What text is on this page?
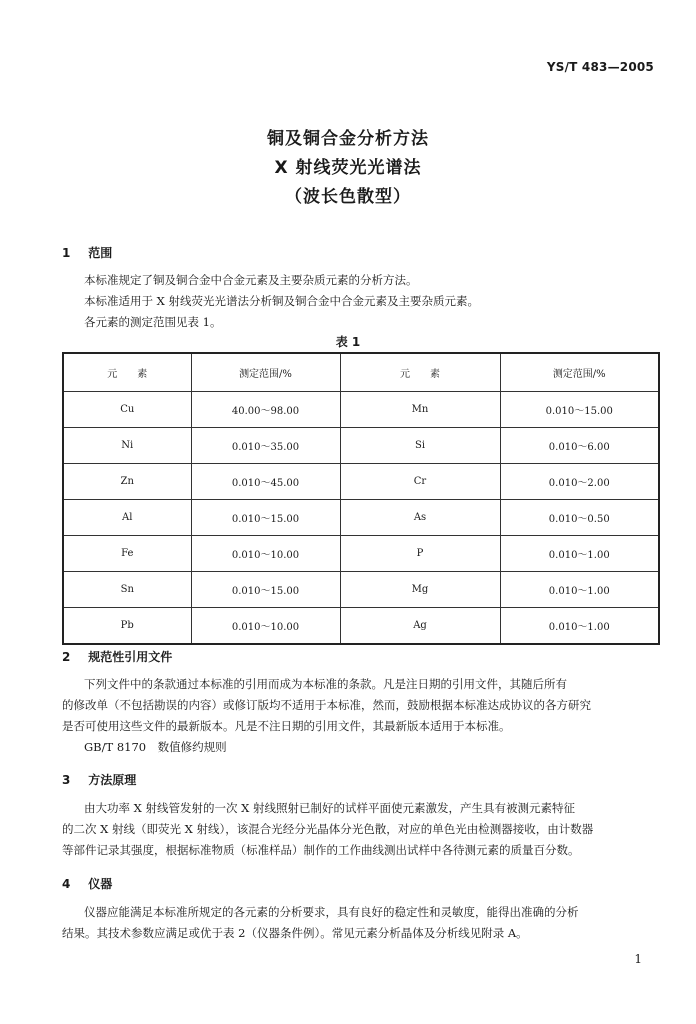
YS/T 483—2005
铜及铜合金分析方法
X 射线荧光光谱法
（波长色散型）
1 范围
本标准规定了铜及铜合金中合金元素及主要杂质元素的分析方法。
本标准适用于 X 射线荧光光谱法分析铜及铜合金中合金元素及主要杂质元素。
各元素的测定范围见表 1。
表 1
元　　素	测定范围/%	元　　素	测定范围/%
Cu	40.00～98.00	Mn	0.010～15.00
Ni	0.010～35.00	Si	0.010～6.00
Zn	0.010～45.00	Cr	0.010～2.00
Al	0.010～15.00	As	0.010～0.50
Fe	0.010～10.00	P	0.010～1.00
Sn	0.010～15.00	Mg	0.010～1.00
Pb	0.010～10.00	Ag	0.010～1.00
2 规范性引用文件
下列文件中的条款通过本标准的引用而成为本标准的条款。凡是注日期的引用文件，其随后所有
的修改单（不包括勘误的内容）或修订版均不适用于本标准，然而，鼓励根据本标准达成协议的各方研究
是否可使用这些文件的最新版本。凡是不注日期的引用文件，其最新版本适用于本标准。
GB/T 8170　数值修约规则
3 方法原理
由大功率 X 射线管发射的一次 X 射线照射已制好的试样平面使元素激发，产生具有被测元素特征
的二次 X 射线（即荧光 X 射线），该混合光经分光晶体分光色散，对应的单色光由检测器接收，由计数器
等部件记录其强度，根据标准物质（标准样品）制作的工作曲线测出试样中各待测元素的质量百分数。
4 仪器
仪器应能满足本标准所规定的各元素的分析要求，具有良好的稳定性和灵敏度，能得出准确的分析
结果。其技术参数应满足或优于表 2（仪器条件例）。常见元素分析晶体及分析线见附录 A。
1
